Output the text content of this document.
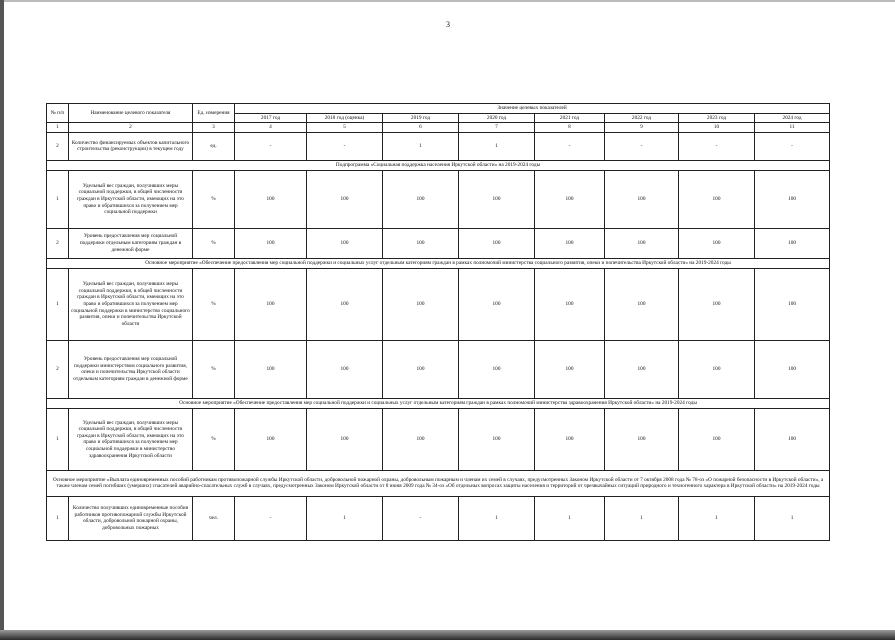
3
№ п/п	Наименование целевого показателя	Ед. измерения	Значение целевых показателей							
			2017 год	2018 год (оценка)	2019 год	2020 год	2021 год	2022 год	2023 год	2024 год
1	2	3	4	5	6	7	8	9	10	11
2	Количество финансируемых объектов капитального строительства (реконструкции) в текущем году	ед.	-	-	1	1	-	-	-	-
Подпрограмма «Социальная поддержка населения Иркутской области» на 2019-2024 годы										
1	Удельный вес граждан, получивших меры социальной поддержки, в общей численности граждан в Иркутской области, имеющих на это право и обратившихся за получением мер социальной поддержки	%	100	100	100	100	100	100	100	100
2	Уровень предоставления мер социальной поддержки отдельным категориям граждан в денежной форме	%	100	100	100	100	100	100	100	100
Основное мероприятие «Обеспечение предоставления мер социальной поддержки и социальных услуг отдельным категориям граждан в рамках полномочий министерства социального развития, опеки и попечительства Иркутской области» на 2019-2024 годы										
1	Удельный вес граждан, получивших меры социальной поддержки, в общей численности граждан в Иркутской области, имеющих на это право и обратившихся за получением мер социальной поддержки в министерство социального развития, опеки и попечительства Иркутской области	%	100	100	100	100	100	100	100	100
2	Уровень предоставления мер социальной поддержки министерством социального развития, опеки и попечительства Иркутской области отдельным категориям граждан в денежной форме	%	100	100	100	100	100	100	100	100
Основное мероприятие «Обеспечение предоставления мер социальной поддержки и социальных услуг отдельным категориям граждан в рамках полномочий министерства здравоохранения Иркутской области» на 2019-2024 годы										
1	Удельный вес граждан, получивших меры социальной поддержки, в общей численности граждан в Иркутской области, имеющих на это право и обратившихся за получением мер социальной поддержки в министерство здравоохранения Иркутской области	%	100	100	100	100	100	100	100	100
Основное мероприятие «Выплата единовременных пособий работникам противопожарной службы Иркутской области, добровольной пожарной охраны, добровольным пожарным и членам их семей в случаях, предусмотренных Законом Иркутской области от 7 октября 2008 года № 78-оз «О пожарной безопасности в Иркутской области», а также членам семей погибших (умерших) спасателей аварийно-спасательных служб в случаях, предусмотренных Законом Иркутской области от 8 июня 2009 года № 34-оз «Об отдельных вопросах защиты населения и территорий от чрезвычайных ситуаций природного и техногенного характера в Иркутской области» на 2019-2024 годы										
1	Количество получивших единовременные пособия работников противопожарной службы Иркутской области, добровольной пожарной охраны, добровольных пожарных	чел.	-	1	-	1	1	1	1	1
